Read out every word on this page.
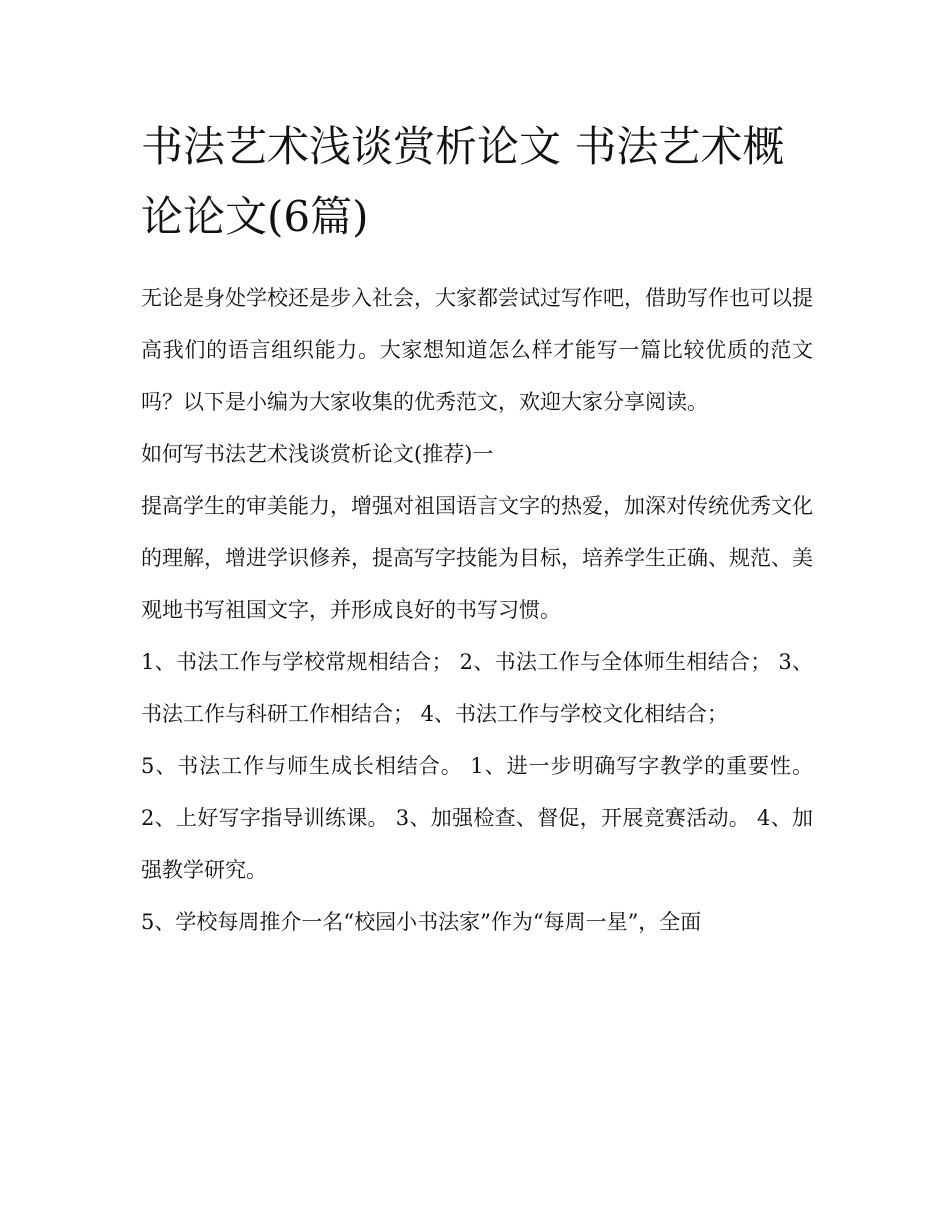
书法艺术浅谈赏析论文 书法艺术概论论文(6篇)

无论是身处学校还是步入社会，大家都尝试过写作吧，借助写作也可以提高我们的语言组织能力。大家想知道怎么样才能写一篇比较优质的范文吗？以下是小编为大家收集的优秀范文，欢迎大家分享阅读。

如何写书法艺术浅谈赏析论文(推荐)一

提高学生的审美能力，增强对祖国语言文字的热爱，加深对传统优秀文化的理解，增进学识修养，提高写字技能为目标，培养学生正确、规范、美观地书写祖国文字，并形成良好的书写习惯。

1、书法工作与学校常规相结合； 2、书法工作与全体师生相结合； 3、书法工作与科研工作相结合； 4、书法工作与学校文化相结合；

5、书法工作与师生成长相结合。 1、进一步明确写字教学的重要性。 2、上好写字指导训练课。 3、加强检查、督促，开展竞赛活动。 4、加强教学研究。

5、学校每周推介一名“校园小书法家”作为“每周一星”，全面
